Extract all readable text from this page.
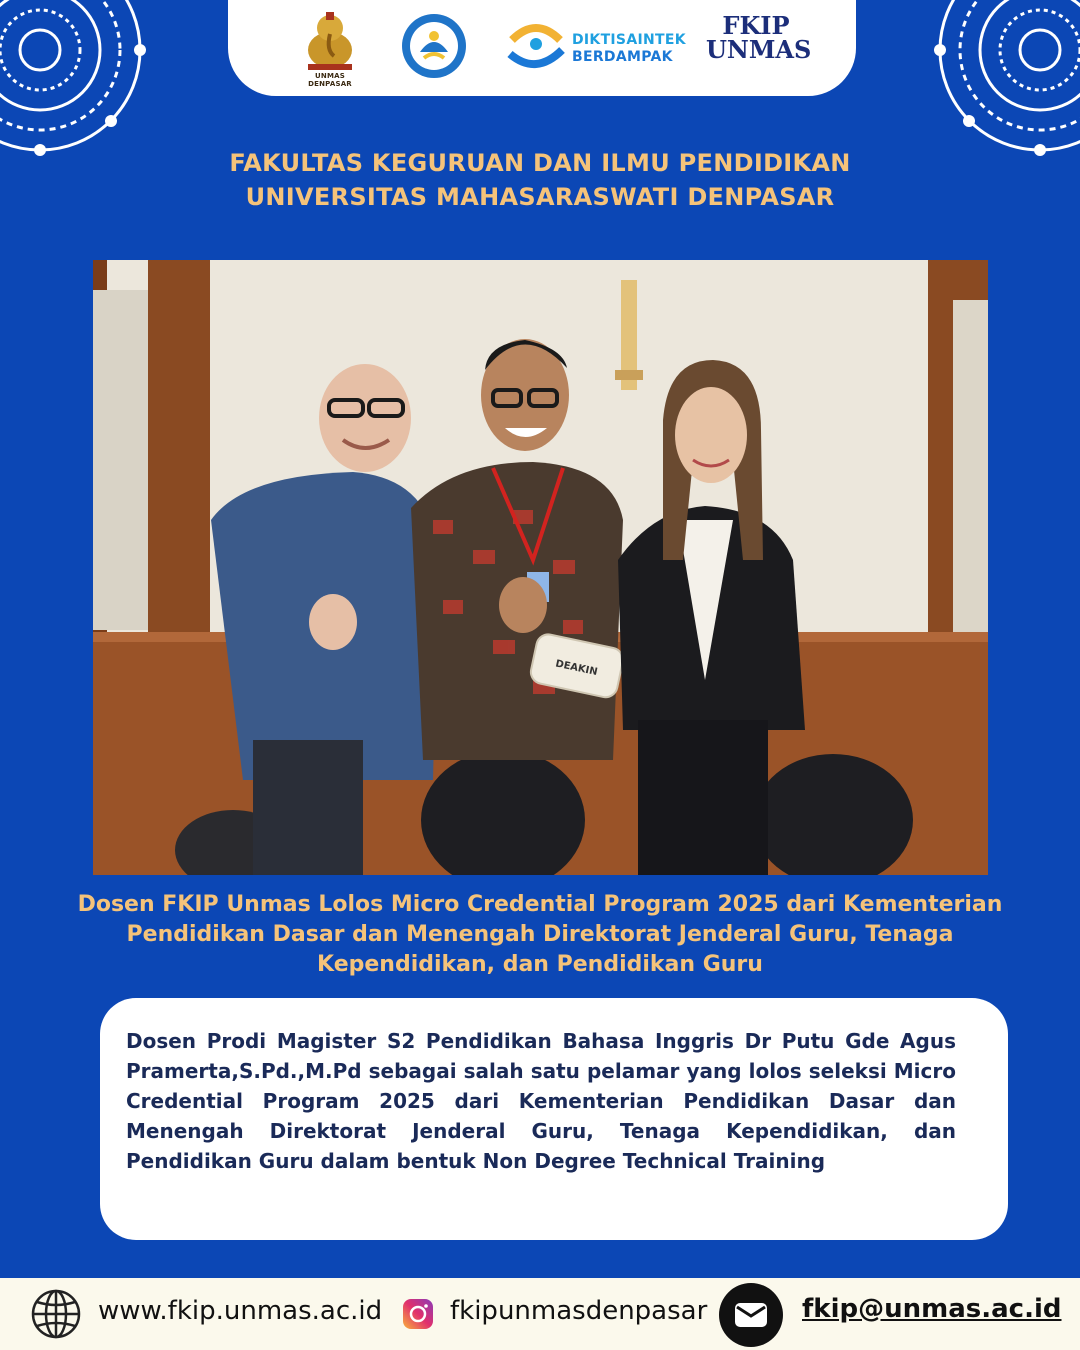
UNMAS DENPASAR
DIKTISAINTEK
BERDAMPAK
FKIP
UNMAS
FAKULTAS KEGURUAN DAN ILMU PENDIDIKAN
UNIVERSITAS MAHASARASWATI DENPASAR
DEAKIN
Dosen FKIP Unmas Lolos Micro Credential Program 2025 dari Kementerian
Pendidikan Dasar dan Menengah Direktorat Jenderal Guru, Tenaga
Kependidikan, dan Pendidikan Guru
Dosen Prodi Magister S2 Pendidikan Bahasa Inggris Dr Putu Gde Agus Pramerta,S.Pd.,M.Pd sebagai salah satu pelamar yang lolos seleksi Micro Credential Program 2025 dari Kementerian Pendidikan Dasar dan Menengah Direktorat Jenderal Guru, Tenaga Kependidikan, dan Pendidikan Guru dalam bentuk Non Degree Technical Training
www.fkip.unmas.ac.id	fkipunmasdenpasar	fkip@unmas.ac.id
